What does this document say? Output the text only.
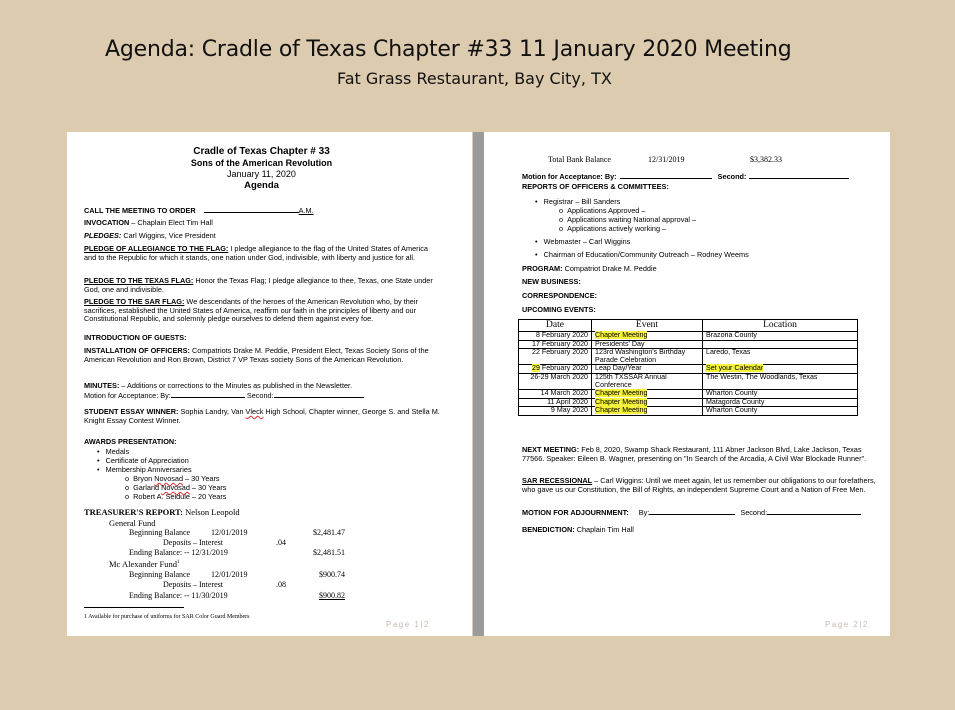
Agenda: Cradle of Texas Chapter #33 11 January 2020 Meeting
Fat Grass Restaurant, Bay City, TX
Cradle of Texas Chapter # 33
Sons of the American Revolution
January 11, 2020
Agenda
CALL THE MEETING TO ORDER	A.M.
INVOCATION – Chaplain Elect Tim Hall
PLEDGES: Carl Wiggins, Vice President
PLEDGE OF ALLEGIANCE TO THE FLAG: I pledge allegiance to the flag of the United States of America and to the Republic for which it stands, one nation under God, indivisible, with liberty and justice for all.
PLEDGE TO THE TEXAS FLAG: Honor the Texas Flag; I pledge allegiance to thee, Texas, one State under God, one and indivisible.
PLEDGE TO THE SAR FLAG: We descendants of the heroes of the American Revolution who, by their sacrifices, established the United States of America, reaffirm our faith in the principles of liberty and our Constitutional Republic, and solemnly pledge ourselves to defend them against every foe.
INTRODUCTION OF GUESTS:
INSTALLATION OF OFFICERS: Compatriots Drake M. Peddie, President Elect, Texas Society Sons of the American Revolution and Ron Brown, District 7 VP Texas society Sons of the American Revolution.
MINUTES: – Additions or corrections to the Minutes as published in the Newsletter.
Motion for Acceptance: By:	Second:
STUDENT ESSAY WINNER: Sophia Landry, Van Vleck High School, Chapter winner, George S. and Stella M. Knight Essay Contest Winner.
AWARDS PRESENTATION:
•   Medals
•   Certificate of Appreciation
•   Membership Anniversaries
o  Bryon Novosad – 30 Years
o  Garland Novosad – 30 Years
o  Robert A. Seidule – 20 Years
TREASURER'S REPORT: Nelson Leopold
General Fund
Beginning Balance	12/01/2019	$2,481.47
Deposits – Interest	.04
Ending Balance: -- 12/31/2019	$2,481.51
Mc Alexander Fund$^1$
Beginning Balance	12/01/2019	$900.74
Deposits – Interest	.08
Ending Balance: -- 11/30/2019	$900.82
1 Available for purchase of uniforms for SAR Color Guard Members
Page 1|2
Total Bank Balance	12/31/2019	$3,382.33
Motion for Acceptance: By:	Second:
REPORTS OF OFFICERS & COMMITTEES:
•   Registrar – Bill Sanders
o  Applications Approved –
o  Applications waiting National approval –
o  Applications actively working –
•   Webmaster – Carl Wiggins
•   Chairman of Education/Community Outreach – Rodney Weems
PROGRAM: Compatriot Drake M. Peddie
NEW BUSINESS:
CORRESPONDENCE:
UPCOMING EVENTS:
Date	Event	Location
8 February 2020	Chapter Meeting	Brazoria County
17 February 2020	Presidents' Day	
22 February 2020	123rd Washington's Birthday Parade Celebration	Laredo, Texas
29 February 2020	Leap Day/Year	Set your Calendar
26-29 March 2020	125th TXSSAR Annual Conference	The Westin, The Woodlands, Texas
14 March 2020	Chapter Meeting	Wharton County
11 April 2020	Chapter Meeting	Matagorda County
9 May 2020	Chapter Meeting	Wharton County
NEXT MEETING: Feb 8, 2020, Swamp Shack Restaurant, 111 Abner Jackson Blvd, Lake Jackson, Texas 77566. Speaker: Eileen B. Wagner, presenting on "In Search of the Arcadia, A Civil War Blockade Runner".
SAR RECESSIONAL – Carl Wiggins: Until we meet again, let us remember our obligations to our forefathers, who gave us our Constitution, the Bill of Rights, an independent Supreme Court and a Nation of Free Men.
MOTION FOR ADJOURNMENT: By:	Second:
BENEDICTION: Chaplain Tim Hall
Page 2|2
